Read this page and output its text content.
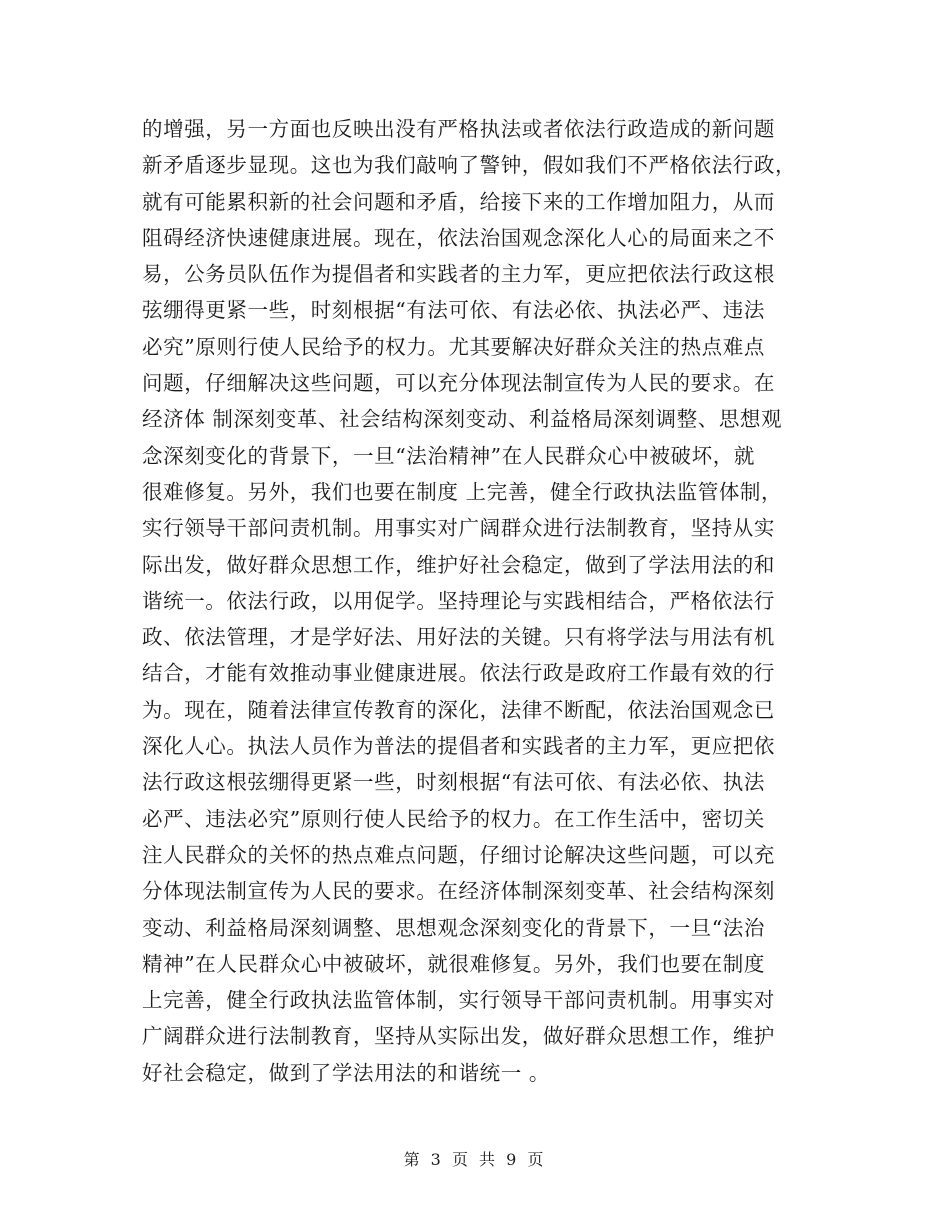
的增强，另一方面也反映出没有严格执法或者依法行政造成的新问题
新矛盾逐步显现。这也为我们敲响了警钟，假如我们不严格依法行政，
就有可能累积新的社会问题和矛盾，给接下来的工作增加阻力，从而
阻碍经济快速健康进展。现在，依法治国观念深化人心的局面来之不
易，公务员队伍作为提倡者和实践者的主力军，更应把依法行政这根
弦绷得更紧一些，时刻根据“有法可依、有法必依、执法必严、违法
必究”原则行使人民给予的权力。尤其要解决好群众关注的热点难点
问题，仔细解决这些问题，可以充分体现法制宣传为人民的要求。在
经济体 制深刻变革、社会结构深刻变动、利益格局深刻调整、思想观
念深刻变化的背景下，一旦“法治精神”在人民群众心中被破坏，就
很难修复。另外，我们也要在制度 上完善，健全行政执法监管体制，
实行领导干部问责机制。用事实对广阔群众进行法制教育，坚持从实
际出发，做好群众思想工作，维护好社会稳定，做到了学法用法的和
谐统一。依法行政，以用促学。坚持理论与实践相结合，严格依法行
政、依法管理，才是学好法、用好法的关键。只有将学法与用法有机
结合，才能有效推动事业健康进展。依法行政是政府工作最有效的行
为。现在，随着法律宣传教育的深化，法律不断配，依法治国观念已
深化人心。执法人员作为普法的提倡者和实践者的主力军，更应把依
法行政这根弦绷得更紧一些，时刻根据“有法可依、有法必依、执法
必严、违法必究”原则行使人民给予的权力。在工作生活中，密切关
注人民群众的关怀的热点难点问题，仔细讨论解决这些问题，可以充
分体现法制宣传为人民的要求。在经济体制深刻变革、社会结构深刻
变动、利益格局深刻调整、思想观念深刻变化的背景下，一旦“法治
精神”在人民群众心中被破坏，就很难修复。另外，我们也要在制度
上完善，健全行政执法监管体制，实行领导干部问责机制。用事实对
广阔群众进行法制教育，坚持从实际出发，做好群众思想工作，维护
好社会稳定，做到了学法用法的和谐统一 。
第 3 页 共 9 页
